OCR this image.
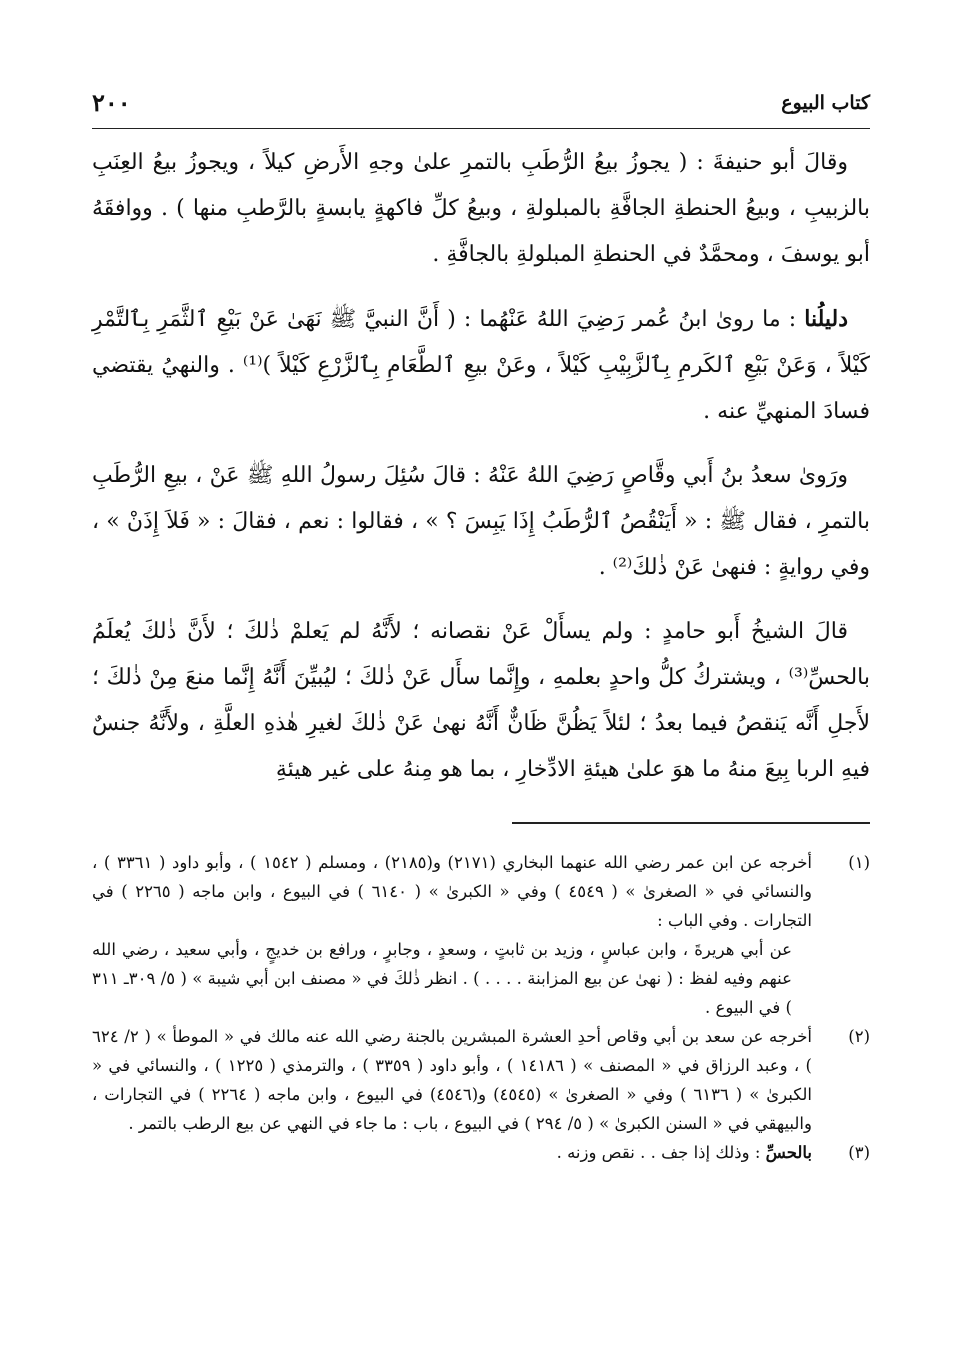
كتاب البيوع
٢٠٠

وقالَ أبو حنيفةَ : ( يجوزُ بيعُ الرُّطَبِ بالتمرِ علىٰ وجهِ الأَرضِ كيلاً ، ويجوزُ بيعُ العِنَبِ بالزبيبِ ، وبيعُ الحنطةِ الجافَّةِ بالمبلولةِ ، وبيعُ كلِّ فاكهةٍ يابسةٍ بالرَّطبِ منها ) . ووافقَهُ أبو يوسفَ ، ومحمَّدٌ في الحنطةِ المبلولةِ بالجافَّةِ .

دليلُنا : ما روىٰ ابنُ عُمر رَضِيَ اللهُ عَنْهُما : ( أَنَّ النبيَّ ﷺ نَهَىٰ عَنْ بَيْعِ ٱلثَّمَرِ بِٱلتَّمْرِ كَيْلاً ، وَعَنْ بَيْعِ ٱلكَرمِ بِٱلزَّبِيْبِ كَيْلاً ، وعَنْ بيعِ ٱلطَّعَامِ بِٱلزَّرْعِ كَيْلاً )⁽¹⁾ . والنهيُ يقتضي فسادَ المنهيِّ عنه .

ورَوىٰ سعدُ بنُ أَبي وقَّاصٍ رَضِيَ اللهُ عَنْهُ : قالَ سُئِلَ رسولُ اللهِ ﷺ عَنْ ، بيعِ الرُّطَبِ بالتمرِ ، فقال ﷺ : « أَيَنْقُصُ ٱلرُّطَبُ إِذَا يَبِسَ ؟ » ، فقالوا : نعم ، فقالَ : « فَلاَ إِذَنْ » ، وفي روايةٍ : فنهىٰ عَنْ ذٰلكَ⁽²⁾ .

قالَ الشيخُ أَبو حامدٍ : ولم يسأَلْ عَنْ نقصانه ؛ لأَنَّهُ لم يَعلمْ ذٰلكَ ؛ لأَنَّ ذٰلكَ يُعلَمُ بالحسِّ⁽³⁾ ، ويشتركُ كلُّ واحدٍ بعلمهِ ، وإِنَّما سأَل عَنْ ذٰلكَ ؛ ليُبيِّنَ أَنَّهُ إِنَّما منعَ مِنْ ذٰلكَ ؛ لأَجلِ أَنَّه يَنقصُ فيما بعدُ ؛ لئلاً يَظُنَّ ظَانٌّ أَنَّهُ نهىٰ عَنْ ذٰلكَ لغيرِ هٰذهِ العلَّةِ ، ولأَنَّهُ جنسٌ فيهِ الربا بِيعَ منهُ ما هوَ علىٰ هيئةِ الادِّخارِ ، بما هو مِنهُ على غير هيئةِ

(١)
أخرجه عن ابن عمر رضي الله عنهما البخاري (٢١٧١) و(٢١٨٥) ، ومسلم ( ١٥٤٢ ) ، وأبو داود ( ٣٣٦١ ) ، والنسائي في « الصغرىٰ » ( ٤٥٤٩ ) وفي « الكبرىٰ » ( ٦١٤٠ ) في البيوع ، وابن ماجه ( ٢٢٦٥ ) في التجارات . وفي الباب :
عن أبي هريرةَ ، وابن عباسٍ ، وزيد بن ثابتٍ ، وسعدٍ ، وجابرٍ ، ورافع بن خديجٍ ، وأبي سعيد ، رضي الله عنهم وفيه لفظ : ( نهىٰ عن بيع المزابنة . . . . ) . انظر ذٰلكَ في « مصنف ابن أبي شيبة » ( ٥/ ٣٠٩ـ ٣١١ ) في البيوع .
(٢)
أخرجه عن سعد بن أبي وقاص أحدِ العشرة المبشرين بالجنة رضي الله عنه مالك في « الموطأ » ( ٢/ ٦٢٤ ) ، وعبد الرزاق في « المصنف » ( ١٤١٨٦ ) ، وأبو داود ( ٣٣٥٩ ) ، والترمذي ( ١٢٢٥ ) ، والنسائي في « الكبرىٰ » ( ٦١٣٦ ) وفي « الصغرىٰ » (٤٥٤٥) و(٤٥٤٦) في البيوع ، وابن ماجه ( ٢٢٦٤ ) في التجارات ، والبيهقي في « السنن الكبرىٰ » ( ٥/ ٢٩٤ ) في البيوع ، باب : ما جاء في النهي عن بيع الرطب بالتمر .
(٣)
بالحسِّ : وذلك إذا جف . . نقص وزنه .
